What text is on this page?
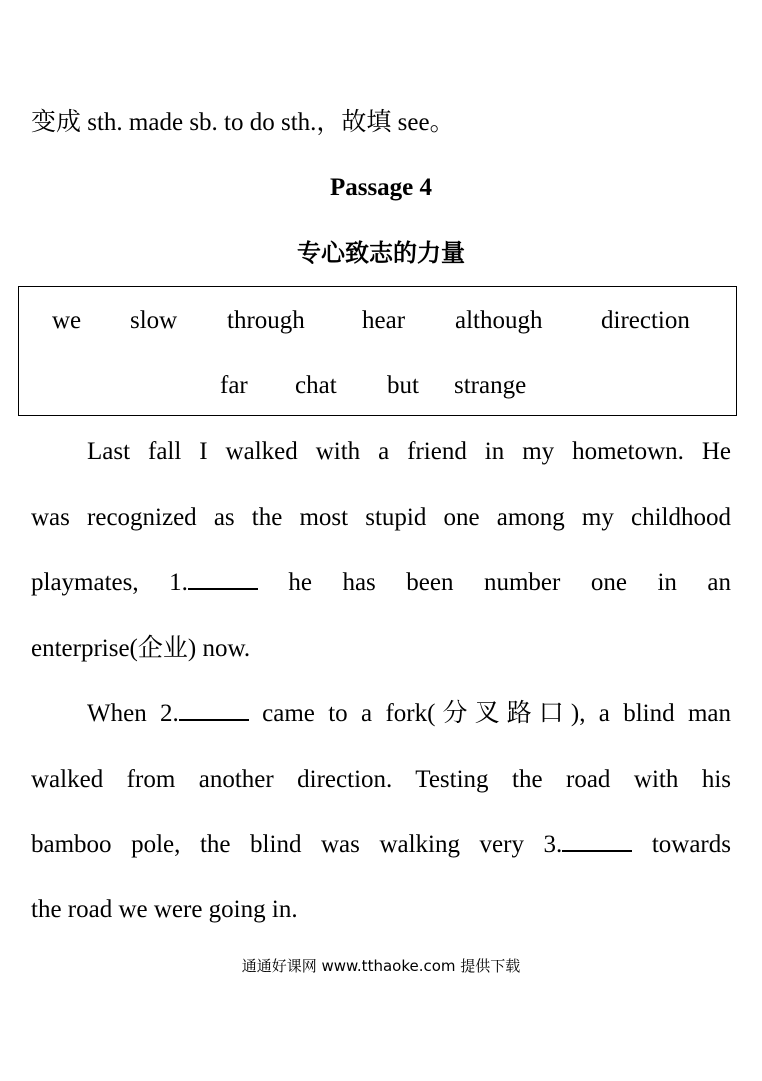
变成 sth. made sb. to do sth.，故填 see。
Passage 4
专心致志的力量
we slow through hear although direction
far chat but strange
Last fall I walked with a friend in my hometown. He
was recognized as the most stupid one among my childhood
playmates, 1.	he has been number one in an
enterprise(企业) now.
When 2.	came to a fork(分叉路口), a blind man
walked from another direction. Testing the road with his
bamboo pole, the blind was walking very 3.	towards
the road we were going in.
通通好课网 www.tthaoke.com 提供下载
